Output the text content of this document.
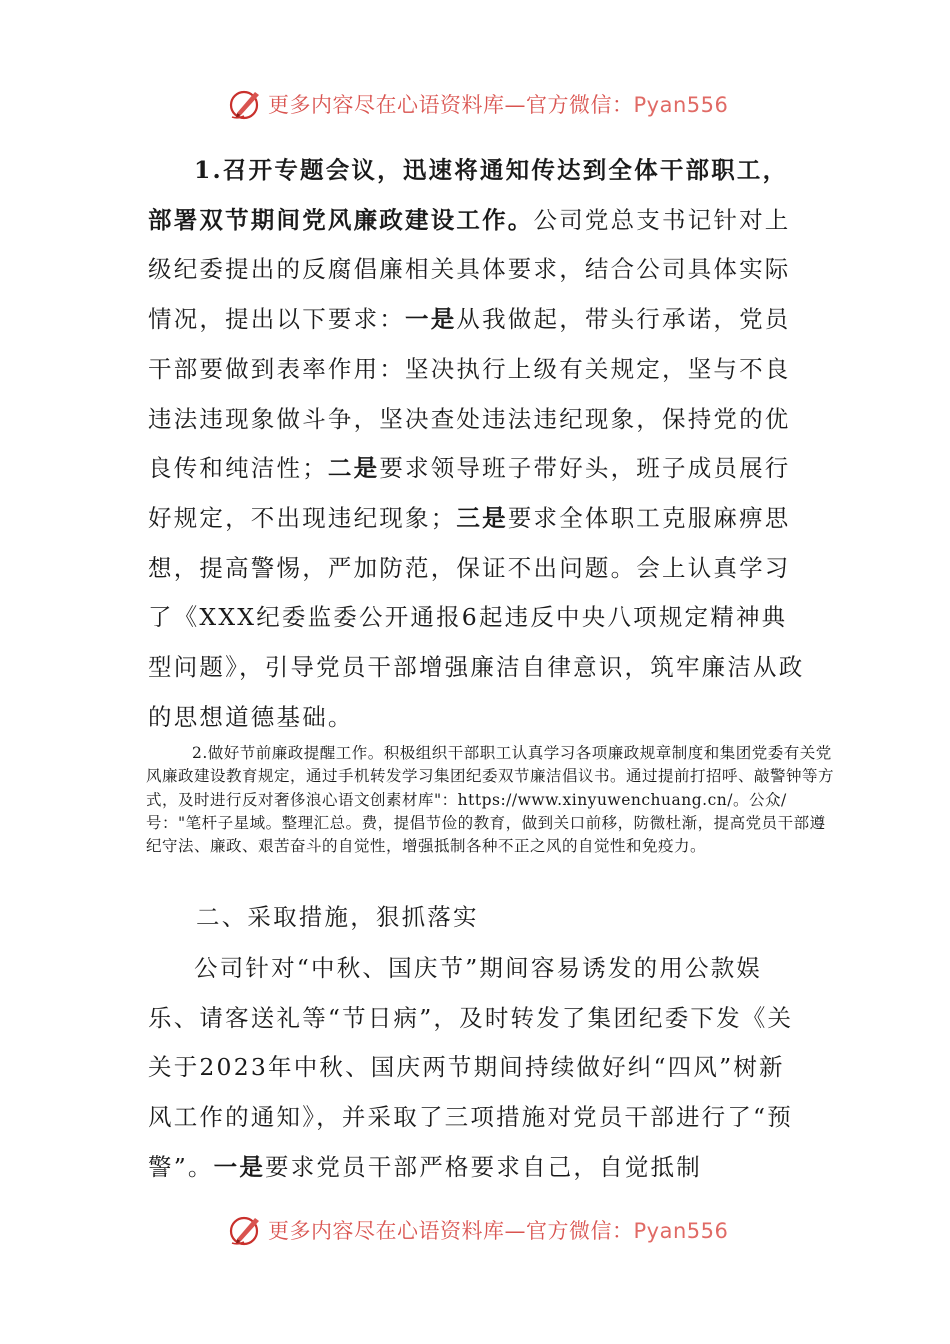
更多内容尽在心语资料库—官方微信：Pyan556

1.召开专题会议，迅速将通知传达到全体干部职工，部署双节期间党风廉政建设工作。公司党总支书记针对上级纪委提出的反腐倡廉相关具体要求，结合公司具体实际情况，提出以下要求：一是从我做起，带头行承诺，党员干部要做到表率作用：坚决执行上级有关规定，坚与不良违法违现象做斗争，坚决查处违法违纪现象，保持党的优良传和纯洁性；二是要求领导班子带好头，班子成员展行好规定，不出现违纪现象；三是要求全体职工克服麻痹思想，提高警惕，严加防范，保证不出问题。会上认真学习了《XXX纪委监委公开通报6起违反中央八项规定精神典型问题》，引导党员干部增强廉洁自律意识，筑牢廉洁从政的思想道德基础。

2.做好节前廉政提醒工作。积极组织干部职工认真学习各项廉政规章制度和集团党委有关党风廉政建设教育规定，通过手机转发学习集团纪委双节廉洁倡议书。通过提前打招呼、敲警钟等方式，及时进行反对奢侈浪心语文创素材库"：https://www.xinyuwenchuang.cn/。公众/号："笔杆子星域。整理汇总。费，提倡节俭的教育，做到关口前移，防微杜渐，提高党员干部遵纪守法、廉政、艰苦奋斗的自觉性，增强抵制各种不正之风的自觉性和免疫力。

二、采取措施，狠抓落实

公司针对“中秋、国庆节”期间容易诱发的用公款娱乐、请客送礼等“节日病”，及时转发了集团纪委下发《关关于2023年中秋、国庆两节期间持续做好纠“四风”树新风工作的通知》，并采取了三项措施对党员干部进行了“预警”。一是要求党员干部严格要求自己，自觉抵制

更多内容尽在心语资料库—官方微信：Pyan556
